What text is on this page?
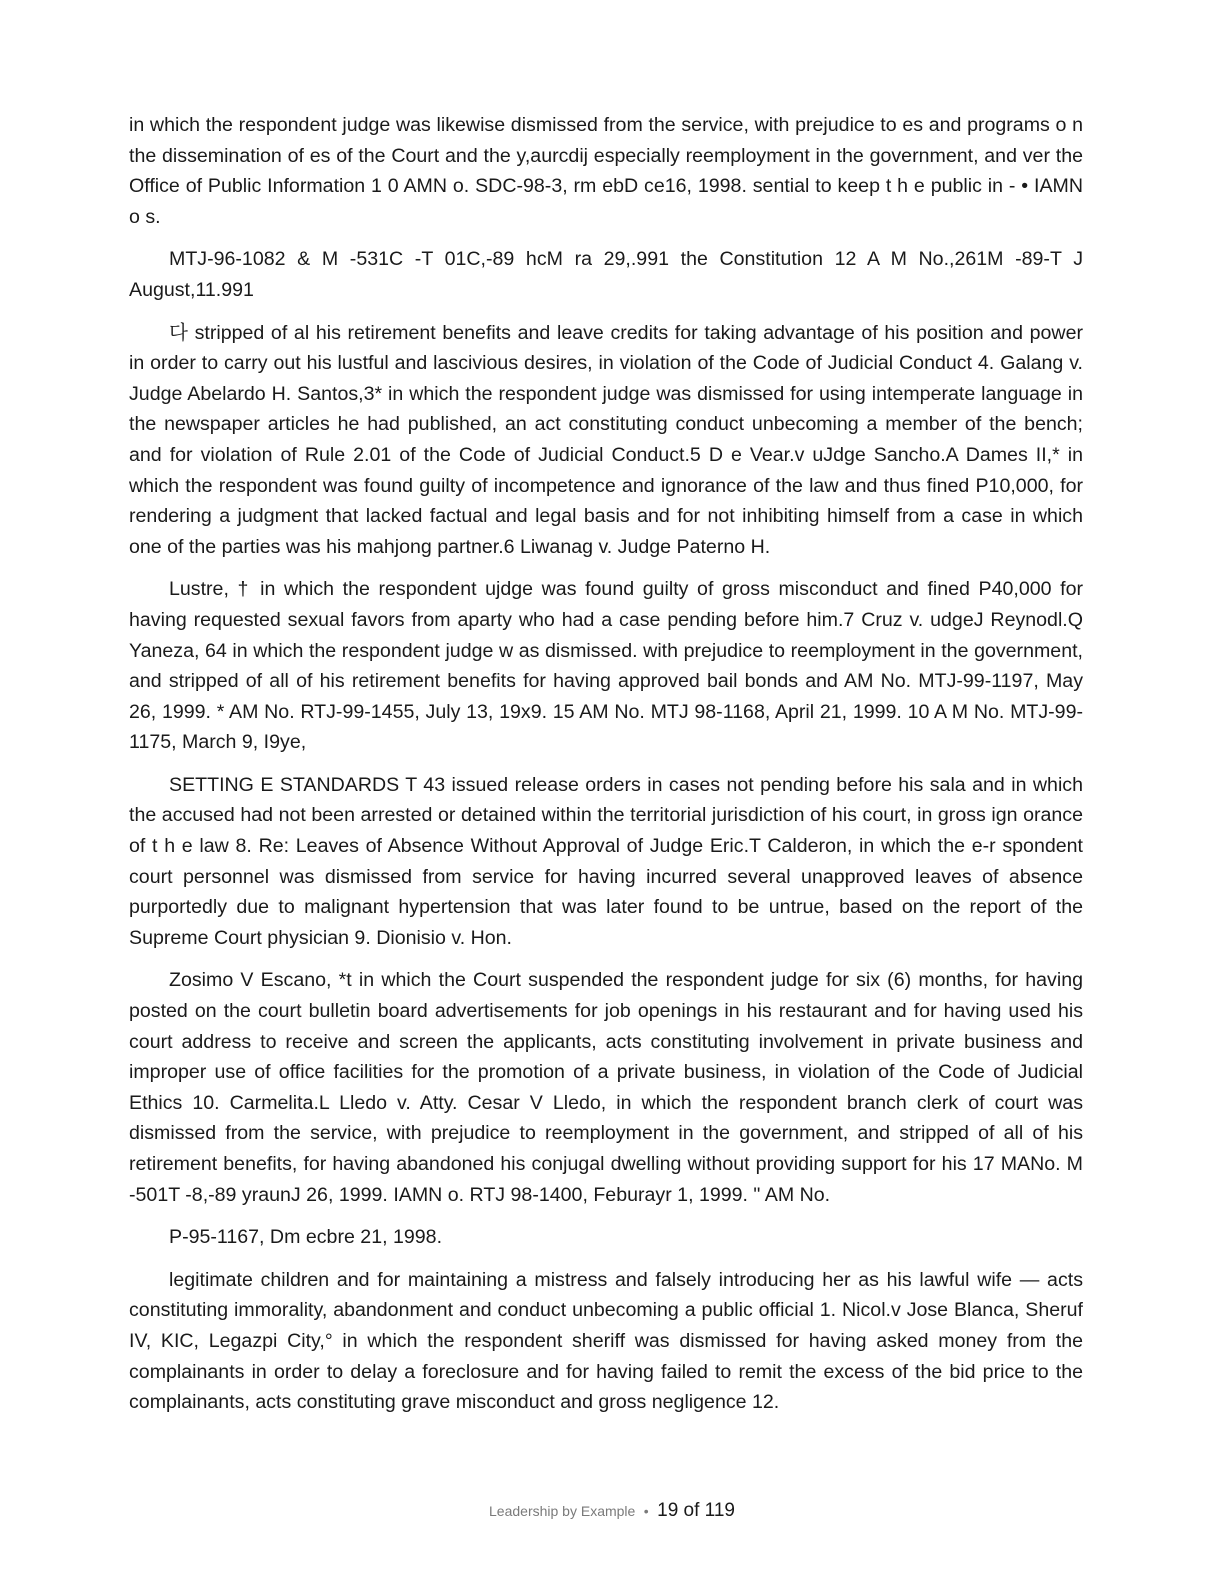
in which the respondent judge was likewise dismissed from the service, with prejudice to es and programs o n the dissemination of es of the Court and the y,aurcdij especially reemployment in the government, and ver the Office of Public Information 1 0 AMN o. SDC-98-3, rm ebD ce16, 1998. sential to keep t h e public in - • IAMN o s.

MTJ-96-1082 & M -531C -T 01C,-89 hcM ra 29,.991 the Constitution 12 A M No.,261M -89-T J August,11.991

다 stripped of al his retirement benefits and leave credits for taking advantage of his position and power in order to carry out his lustful and lascivious desires, in violation of the Code of Judicial Conduct 4. Galang v. Judge Abelardo H. Santos,3* in which the respondent judge was dismissed for using intemperate language in the newspaper articles he had published, an act constituting conduct unbecoming a member of the bench; and for violation of Rule 2.01 of the Code of Judicial Conduct.5 D e Vear.v uJdge Sancho.A Dames II,* in which the respondent was found guilty of incompetence and ignorance of the law and thus fined P10,000, for rendering a judgment that lacked factual and legal basis and for not inhibiting himself from a case in which one of the parties was his mahjong partner.6 Liwanag v. Judge Paterno H.

Lustre, † in which the respondent ujdge was found guilty of gross misconduct and fined P40,000 for having requested sexual favors from aparty who had a case pending before him.7 Cruz v. udgeJ Reynodl.Q Yaneza, 64 in which the respondent judge w as dismissed. with prejudice to reemployment in the government, and stripped of all of his retirement benefits for having approved bail bonds and AM No. MTJ-99-1197, May 26, 1999. * AM No. RTJ-99-1455, July 13, 19x9. 15 AM No. MTJ 98-1168, April 21, 1999. 10 A M No. MTJ-99-1175, March 9, I9ye,

SETTING E STANDARDS T 43 issued release orders in cases not pending before his sala and in which the accused had not been arrested or detained within the territorial jurisdiction of his court, in gross ign orance of t h e law 8. Re: Leaves of Absence Without Approval of Judge Eric.T Calderon, in which the e-r spondent court personnel was dismissed from service for having incurred several unapproved leaves of absence purportedly due to malignant hypertension that was later found to be untrue, based on the report of the Supreme Court physician 9. Dionisio v. Hon.

Zosimo V Escano, *t in which the Court suspended the respondent judge for six (6) months, for having posted on the court bulletin board advertisements for job openings in his restaurant and for having used his court address to receive and screen the applicants, acts constituting involvement in private business and improper use of office facilities for the promotion of a private business, in violation of the Code of Judicial Ethics 10. Carmelita.L Lledo v. Atty. Cesar V Lledo, in which the respondent branch clerk of court was dismissed from the service, with prejudice to reemployment in the government, and stripped of all of his retirement benefits, for having abandoned his conjugal dwelling without providing support for his 17 MANo. M -501T -8,-89 yraunJ 26, 1999. IAMN o. RTJ 98-1400, Feburayr 1, 1999. " AM No.

P-95-1167, Dm ecbre 21, 1998.

legitimate children and for maintaining a mistress and falsely introducing her as his lawful wife — acts constituting immorality, abandonment and conduct unbecoming a public official 1. Nicol.v Jose Blanca, Sheruf IV, KIC, Legazpi City,° in which the respondent sheriff was dismissed for having asked money from the complainants in order to delay a foreclosure and for having failed to remit the excess of the bid price to the complainants, acts constituting grave misconduct and gross negligence 12.

Leadership by Example • 19 of 119
